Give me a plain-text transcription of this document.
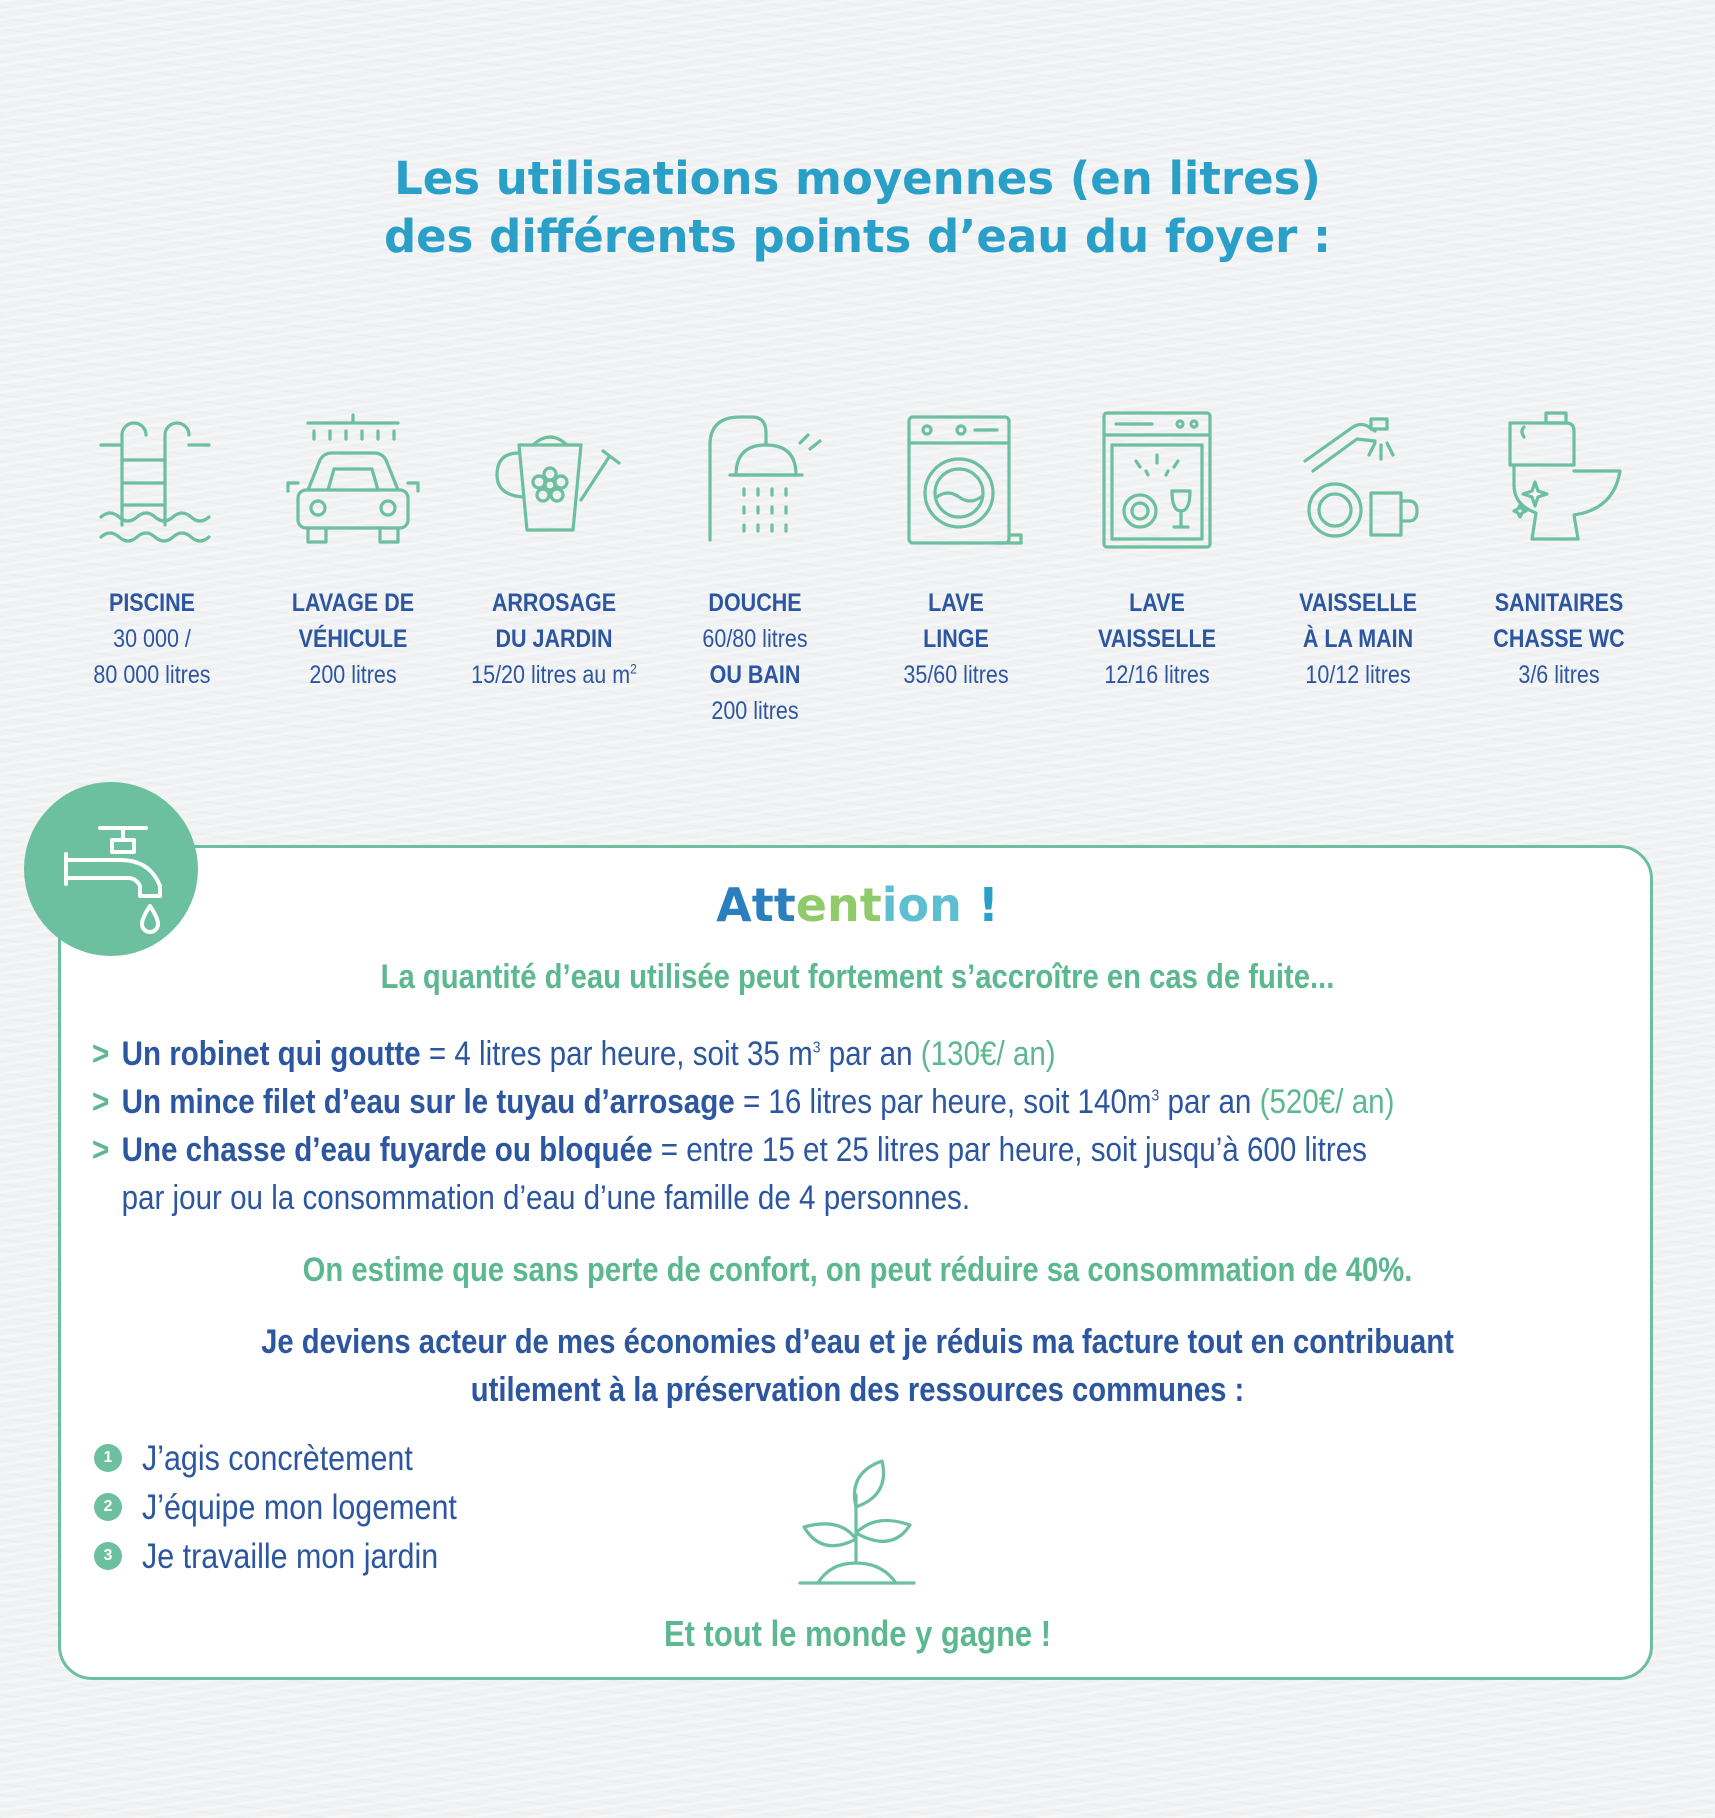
Les utilisations moyennes (en litres)
des différents points d’eau du foyer :
PISCINE
30 000 /
80 000 litres
LAVAGE DE
VÉHICULE
200 litres
ARROSAGE
DU JARDIN
15/20 litres au $m^2$
DOUCHE
60/80 litres
OU BAIN
200 litres
LAVE
LINGE
35/60 litres
LAVE
VAISSELLE
12/16 litres
VAISSELLE
À LA MAIN
10/12 litres
SANITAIRES
CHASSE WC
3/6 litres
Attention !
La quantité d’eau utilisée peut fortement s’accroître en cas de fuite...
> Un robinet qui goutte = 4 litres par heure, soit 35 $m^3$ par an (130€/ an)
> Un mince filet d’eau sur le tuyau d’arrosage = 16 litres par heure, soit $140m^3$ par an (520€/ an)
> Une chasse d’eau fuyarde ou bloquée = entre 15 et 25 litres par heure, soit jusqu’à 600 litres
par jour ou la consommation d’eau d’une famille de 4 personnes.
On estime que sans perte de confort, on peut réduire sa consommation de 40%.
Je deviens acteur de mes économies d’eau et je réduis ma facture tout en contribuant
utilement à la préservation des ressources communes :
1 J’agis concrètement
2 J’équipe mon logement
3 Je travaille mon jardin
Et tout le monde y gagne !
